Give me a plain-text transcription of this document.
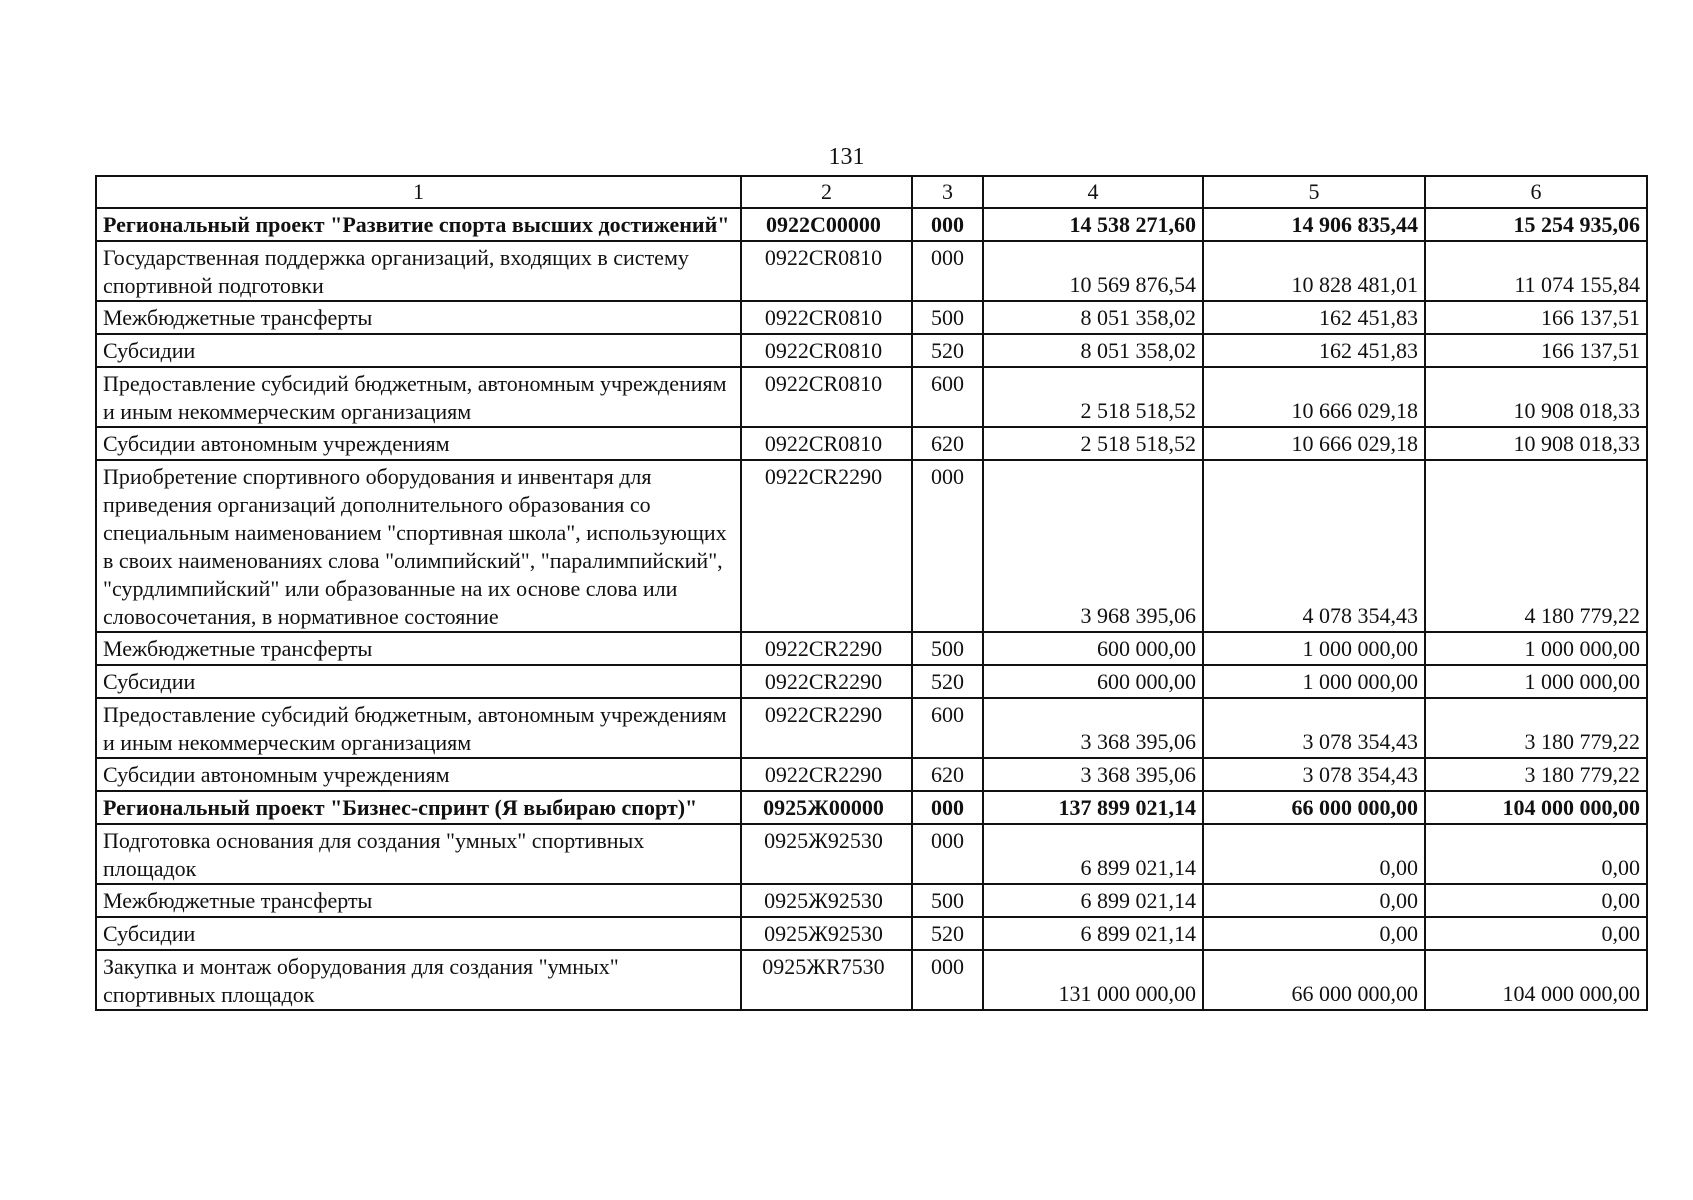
131
1	2	3	4	5	6
Региональный проект "Развитие спорта высших достижений"	0922C00000	000	14 538 271,60	14 906 835,44	15 254 935,06
Государственная поддержка организаций, входящих в систему спортивной подготовки	0922CR0810	000	10 569 876,54	10 828 481,01	11 074 155,84
Межбюджетные трансферты	0922CR0810	500	8 051 358,02	162 451,83	166 137,51
Субсидии	0922CR0810	520	8 051 358,02	162 451,83	166 137,51
Предоставление субсидий бюджетным, автономным учреждениям и иным некоммерческим организациям	0922CR0810	600	2 518 518,52	10 666 029,18	10 908 018,33
Субсидии автономным учреждениям	0922CR0810	620	2 518 518,52	10 666 029,18	10 908 018,33
Приобретение спортивного оборудования и инвентаря для приведения организаций дополнительного образования со специальным наименованием "спортивная школа", использующих в своих наименованиях слова "олимпийский", "паралимпийский", "сурдлимпийский" или образованные на их основе слова или словосочетания, в нормативное состояние	0922CR2290	000	3 968 395,06	4 078 354,43	4 180 779,22
Межбюджетные трансферты	0922CR2290	500	600 000,00	1 000 000,00	1 000 000,00
Субсидии	0922CR2290	520	600 000,00	1 000 000,00	1 000 000,00
Предоставление субсидий бюджетным, автономным учреждениям и иным некоммерческим организациям	0922CR2290	600	3 368 395,06	3 078 354,43	3 180 779,22
Субсидии автономным учреждениям	0922CR2290	620	3 368 395,06	3 078 354,43	3 180 779,22
Региональный проект "Бизнес-спринт (Я выбираю спорт)"	0925Ж00000	000	137 899 021,14	66 000 000,00	104 000 000,00
Подготовка основания для создания "умных" спортивных площадок	0925Ж92530	000	6 899 021,14	0,00	0,00
Межбюджетные трансферты	0925Ж92530	500	6 899 021,14	0,00	0,00
Субсидии	0925Ж92530	520	6 899 021,14	0,00	0,00
Закупка и монтаж оборудования для создания "умных" спортивных площадок	0925ЖR7530	000	131 000 000,00	66 000 000,00	104 000 000,00
